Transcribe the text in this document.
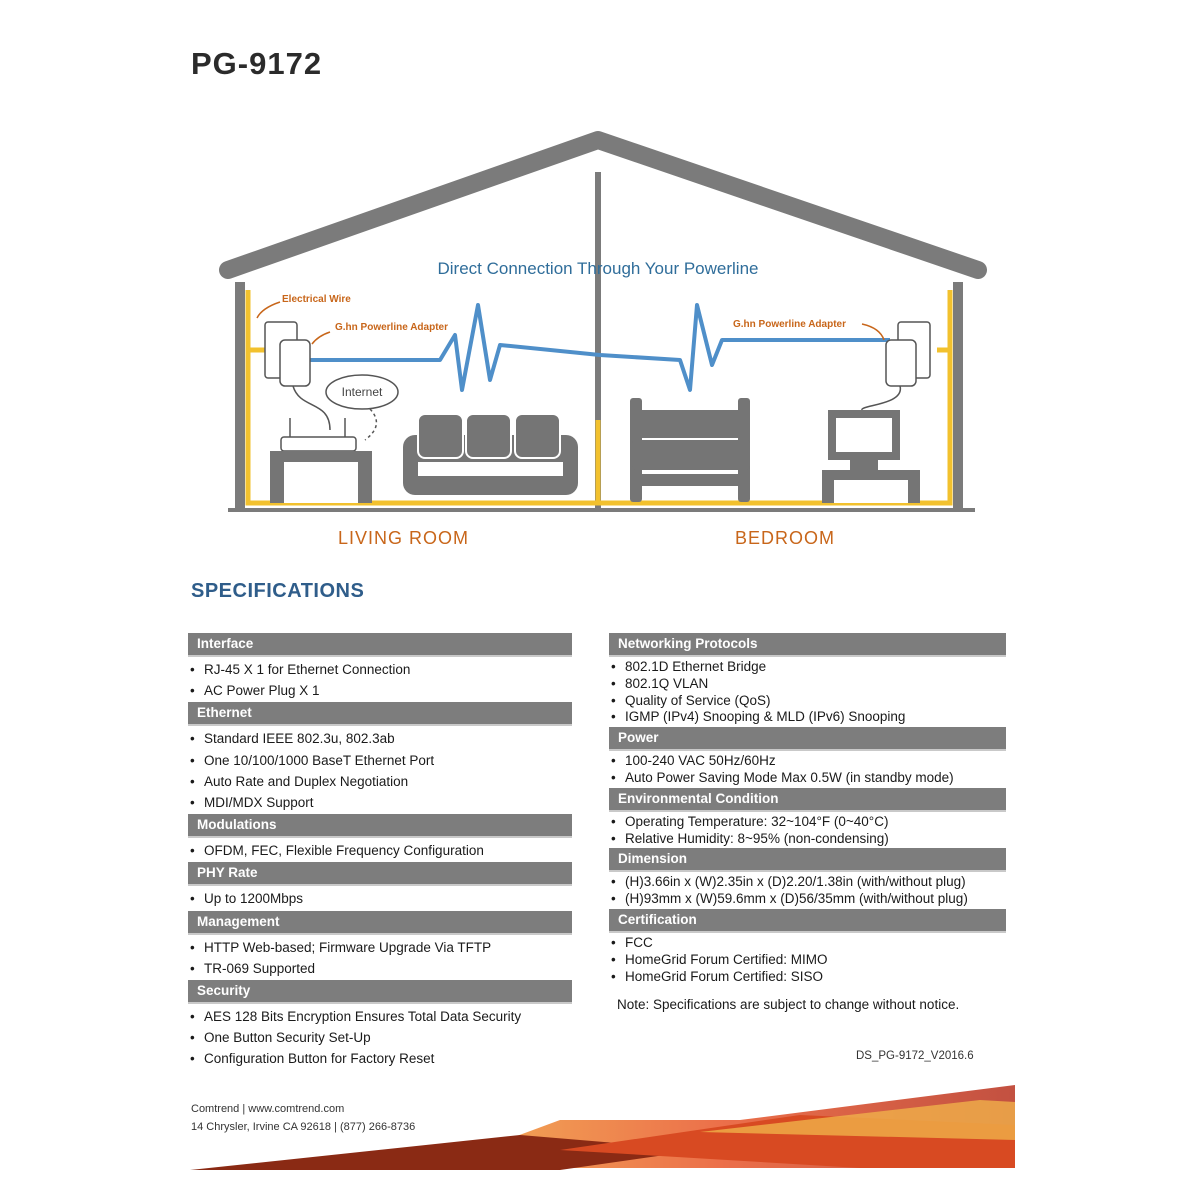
PG-9172
Direct Connection Through Your Powerline
Electrical Wire
G.hn Powerline Adapter	G.hn Powerline Adapter
Internet
LIVING ROOM	BEDROOM
SPECIFICATIONS
Interface
• RJ-45 X 1 for Ethernet Connection
• AC Power Plug X 1
Ethernet
• Standard IEEE 802.3u, 802.3ab
• One 10/100/1000 BaseT Ethernet Port
• Auto Rate and Duplex Negotiation
• MDI/MDX Support
Modulations
• OFDM, FEC, Flexible Frequency Configuration
PHY Rate
• Up to 1200Mbps
Management
• HTTP Web-based; Firmware Upgrade Via TFTP
• TR-069 Supported
Security
• AES 128 Bits Encryption Ensures Total Data Security
• One Button Security Set-Up
• Configuration Button for Factory Reset
Networking Protocols
• 802.1D Ethernet Bridge
• 802.1Q VLAN
• Quality of Service (QoS)
• IGMP (IPv4) Snooping & MLD (IPv6) Snooping
Power
• 100-240 VAC 50Hz/60Hz
• Auto Power Saving Mode Max 0.5W (in standby mode)
Environmental Condition
• Operating Temperature: 32~104°F (0~40°C)
• Relative Humidity: 8~95% (non-condensing)
Dimension
• (H)3.66in x (W)2.35in x (D)2.20/1.38in (with/without plug)
• (H)93mm x (W)59.6mm x (D)56/35mm (with/without plug)
Certification
• FCC
• HomeGrid Forum Certified: MIMO
• HomeGrid Forum Certified: SISO
Note: Specifications are subject to change without notice.
DS_PG-9172_V2016.6
Comtrend | www.comtrend.com
14 Chrysler, Irvine CA 92618 | (877) 266-8736
